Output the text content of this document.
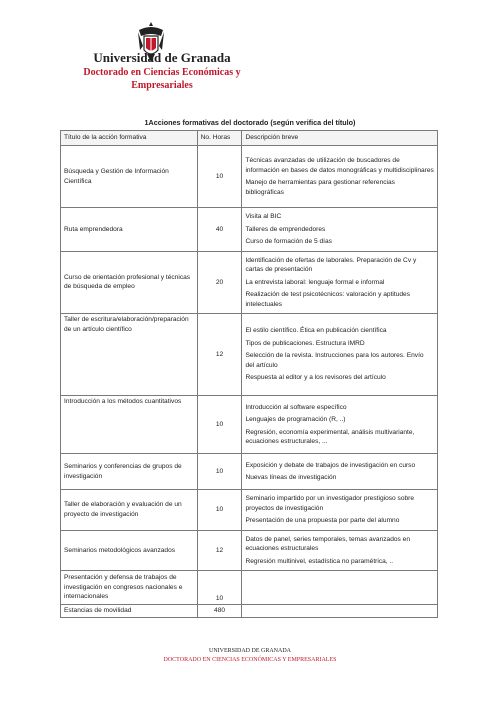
Universidad de Granada
Doctorado en Ciencias Económicas y
Empresariales
1Acciones formativas del doctorado (según verifica del título)
Título de la acción formativa	No. Horas	Descripción breve
Búsqueda y Gestión de Información Científica	10	Técnicas avanzadas de utilización de buscadores de información en bases de datos monográficas y multidisciplinares

Manejo de herramientas para gestionar referencias bibliográficas

Ruta emprendedora	40	Visita al BIC

Talleres de emprendedores

Curso de formación de 5 días

Curso de orientación profesional y técnicas de búsqueda de empleo	20	Identificación de ofertas de laborales. Preparación de Cv y cartas de presentación

La entrevista laboral: lenguaje formal e informal

Realización de test psicotécnicos: valoración y aptitudes intelectuales

Taller de escritura/elaboración/preparación de un artículo científico	12	El estilo científico. Ética en publicación científica

Tipos de publicaciones. Estructura IMRD

Selección de la revista. Instrucciones para los autores. Envío del artículo

Respuesta al editor y a los revisores del artículo

Introducción a los métodos cuantitativos	10	Introducción al software específico

Lenguajes de programación (R, ..)

Regresión, economía experimental, análisis multivariante, ecuaciones estructurales, ...

Seminarios y conferencias de grupos de investigación	10	Exposición y debate de trabajos de investigación en curso

Nuevas líneas de investigación

Taller de elaboración y evaluación de un proyecto de investigación	10	Seminario impartido por un investigador prestigioso sobre proyectos de investigación

Presentación de una propuesta por parte del alumno

Seminarios metodológicos avanzados	12	Datos de panel, series temporales, temas avanzados en ecuaciones estructurales

Regresión multinivel, estadística no paramétrica, ..

Presentación y defensa de trabajos de investigación en congresos nacionales e internacionales	10	
Estancias de movilidad	480	
UNIVERSIDAD DE GRANADA
DOCTORADO EN CIENCIAS ECONÓMICAS Y EMPRESARIALES
